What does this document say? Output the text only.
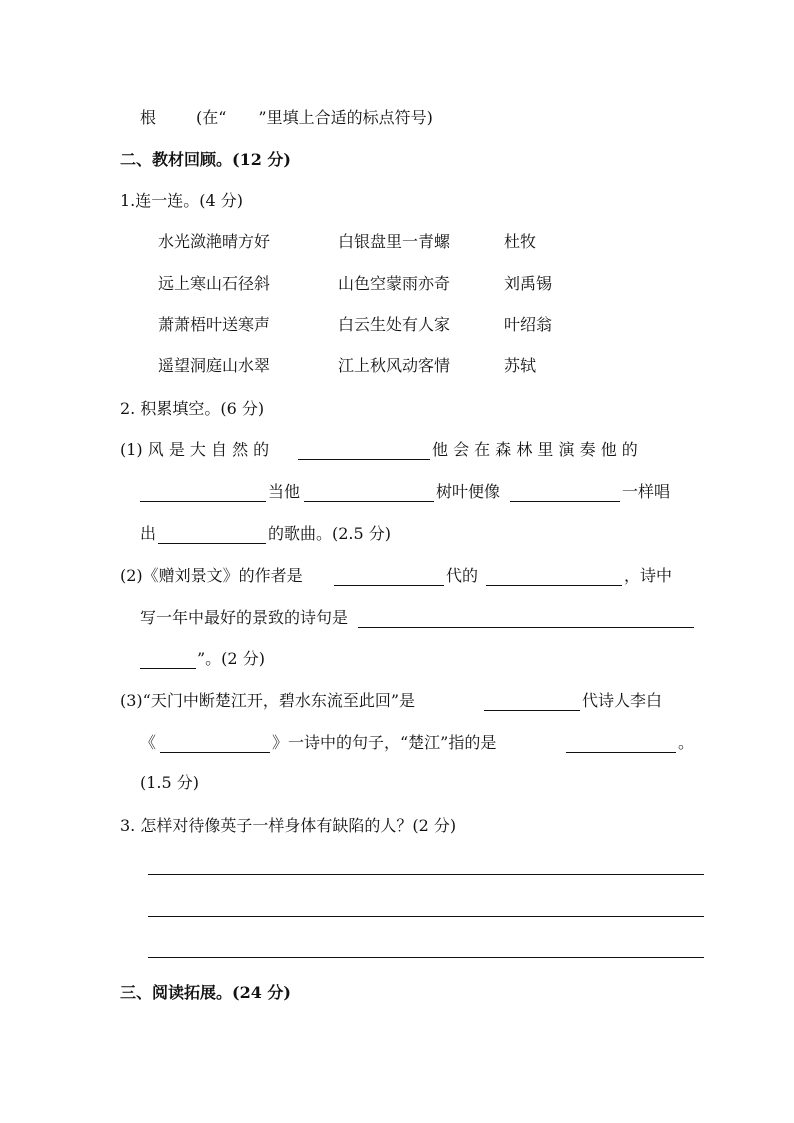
根 (在“　　”里填上合适的标点符号)
二、教材回顾。(12 分)
1.连一连。(4 分)
水光潋滟晴方好	白银盘里一青螺	杜牧
远上寒山石径斜	山色空蒙雨亦奇	刘禹锡
萧萧梧叶送寒声	白云生处有人家	叶绍翁
遥望洞庭山水翠	江上秋风动客情	苏轼
2. 积累填空。(6 分)
(1) 风 是 大 自 然 的	他 会 在 森 林 里 演 奏 他 的
当他	树叶便像	一样唱
出	的歌曲。(2.5 分)
(2)《赠刘景文》的作者是	代的	，诗中
写一年中最好的景致的诗句是
”。(2 分)
(3)“天门中断楚江开，碧水东流至此回”是	代诗人李白
《	》一诗中的句子，“楚江”指的是	。
(1.5 分)
3. 怎样对待像英子一样身体有缺陷的人？(2 分)
三、阅读拓展。(24 分)
